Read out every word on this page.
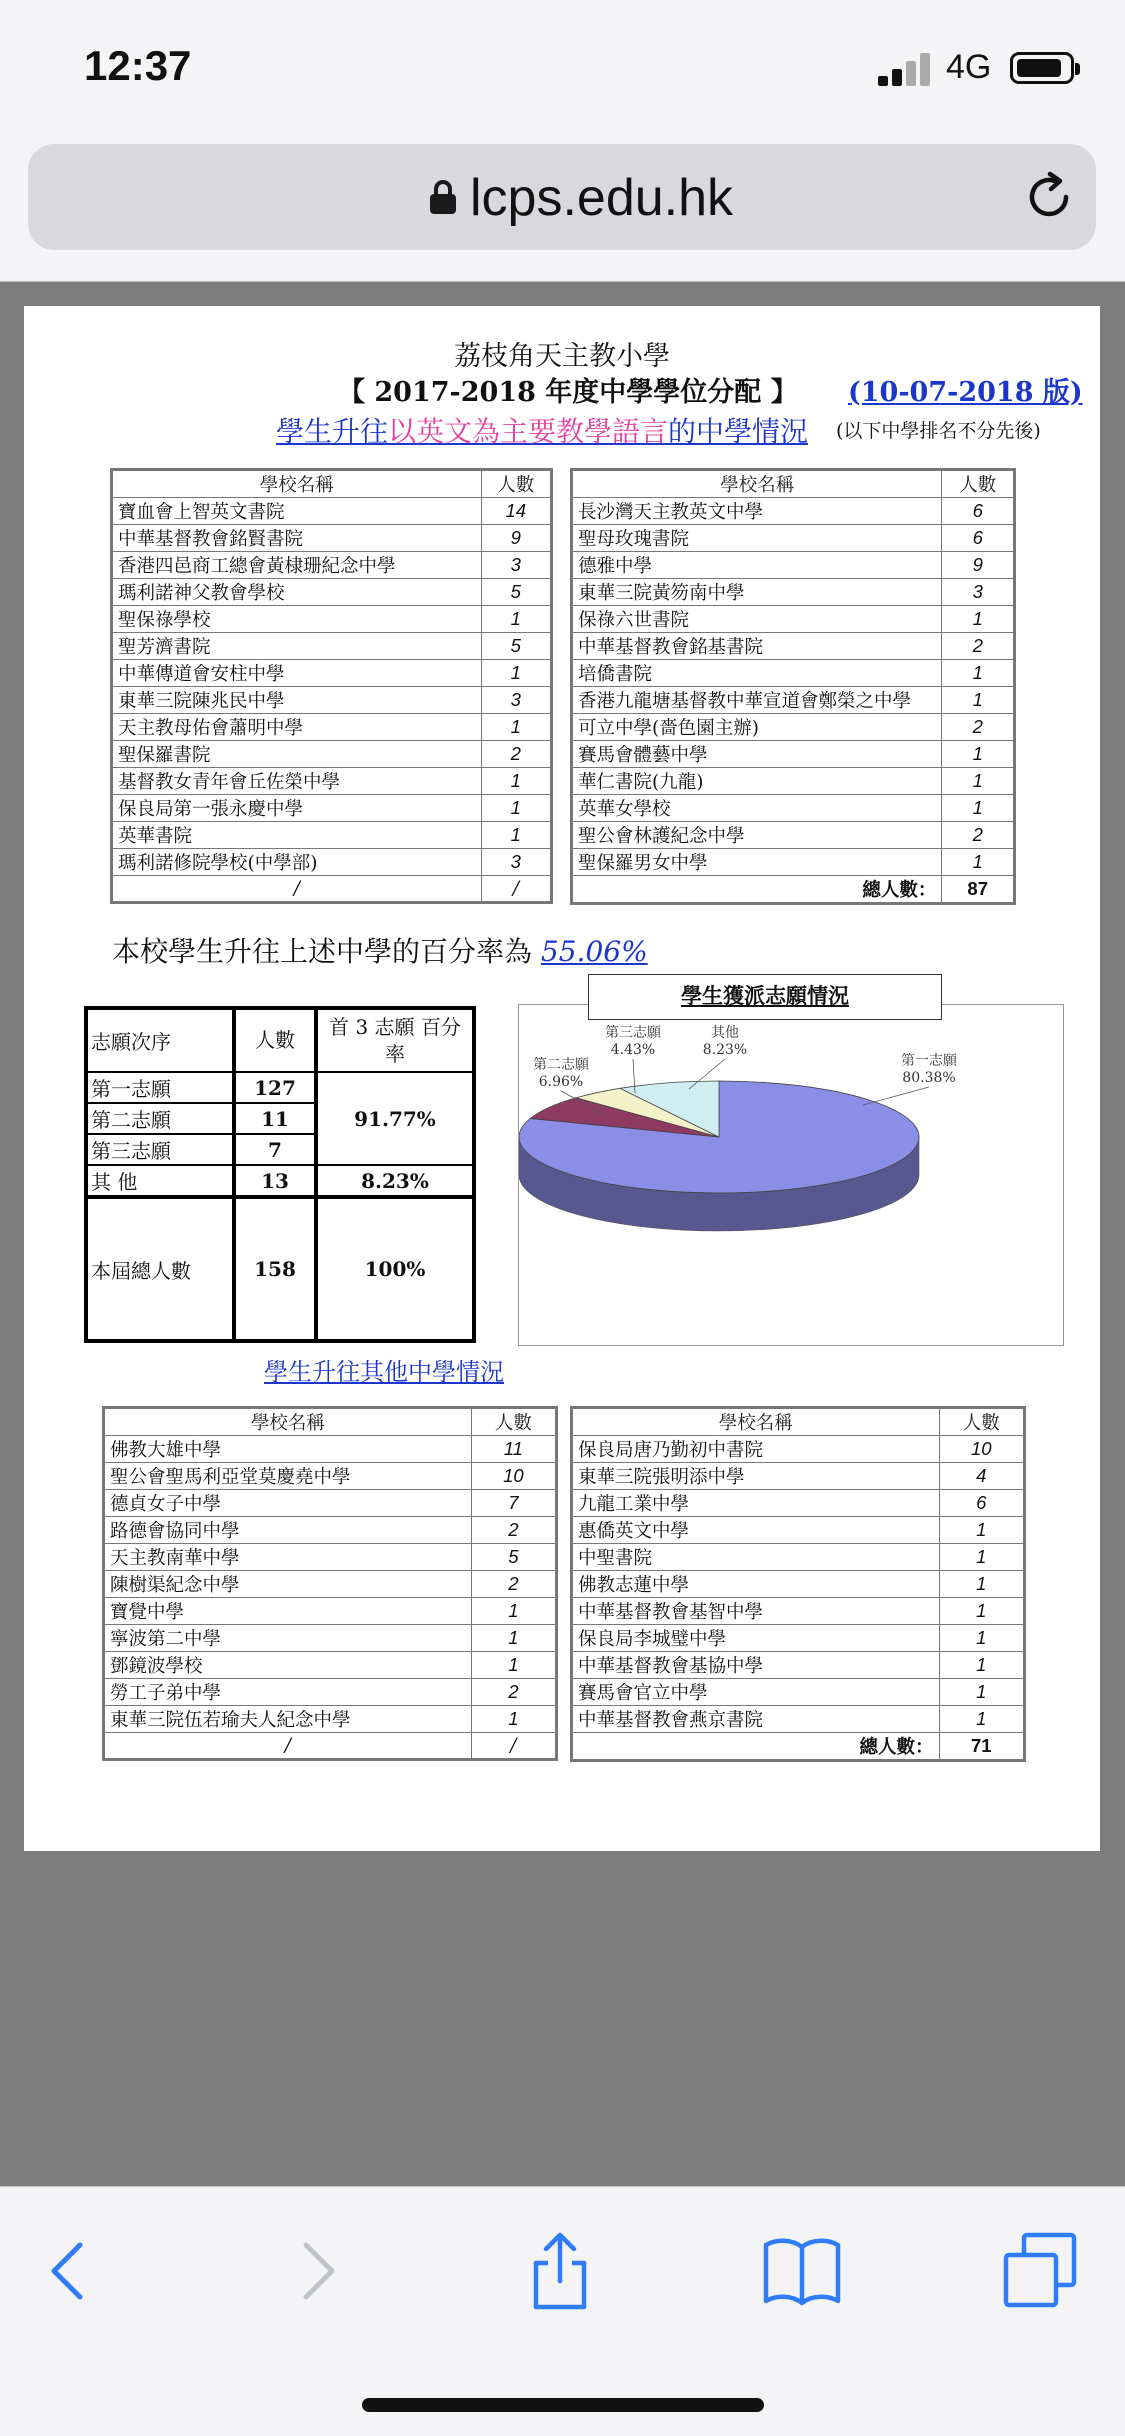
12:37	4G
lcps.edu.hk
荔枝角天主教小學
【 2017-2018 年度中學學位分配 】 (10-07-2018 版)
學生升往以英文為主要教學語言的中學情況 (以下中學排名不分先後)
學校名稱	人數
寶血會上智英文書院	14
中華基督教會銘賢書院	9
香港四邑商工總會黃棣珊紀念中學	3
瑪利諾神父教會學校	5
聖保祿學校	1
聖芳濟書院	5
中華傳道會安柱中學	1
東華三院陳兆民中學	3
天主教母佑會蕭明中學	1
聖保羅書院	2
基督教女青年會丘佐榮中學	1
保良局第一張永慶中學	1
英華書院	1
瑪利諾修院學校(中學部)	3
/	/
學校名稱	人數
長沙灣天主教英文中學	6
聖母玫瑰書院	6
德雅中學	9
東華三院黃笏南中學	3
保祿六世書院	1
中華基督教會銘基書院	2
培僑書院	1
香港九龍塘基督教中華宣道會鄭榮之中學	1
可立中學(嗇色園主辦)	2
賽馬會體藝中學	1
華仁書院(九龍)	1
英華女學校	1
聖公會林護紀念中學	2
聖保羅男女中學	1
總人數：	87
本校學生升往上述中學的百分率為 55.06%
志願次序	人數	首 3 志願 百分率
第一志願	127	91.77%
第二志願	11	
第三志願	7	
其 他	13	8.23%
本屆總人數	158	100%
第一志願 80.38%
第二志願 6.96%
第三志願 4.43%
其他 8.23%
學生獲派志願情況
學生升往其他中學情況
學校名稱	人數
佛教大雄中學	11
聖公會聖馬利亞堂莫慶堯中學	10
德貞女子中學	7
路德會協同中學	2
天主教南華中學	5
陳樹渠紀念中學	2
寶覺中學	1
寧波第二中學	1
鄧鏡波學校	1
勞工子弟中學	2
東華三院伍若瑜夫人紀念中學	1
/	/
學校名稱	人數
保良局唐乃勤初中書院	10
東華三院張明添中學	4
九龍工業中學	6
惠僑英文中學	1
中聖書院	1
佛教志蓮中學	1
中華基督教會基智中學	1
保良局李城璧中學	1
中華基督教會基協中學	1
賽馬會官立中學	1
中華基督教會燕京書院	1
總人數：	71
